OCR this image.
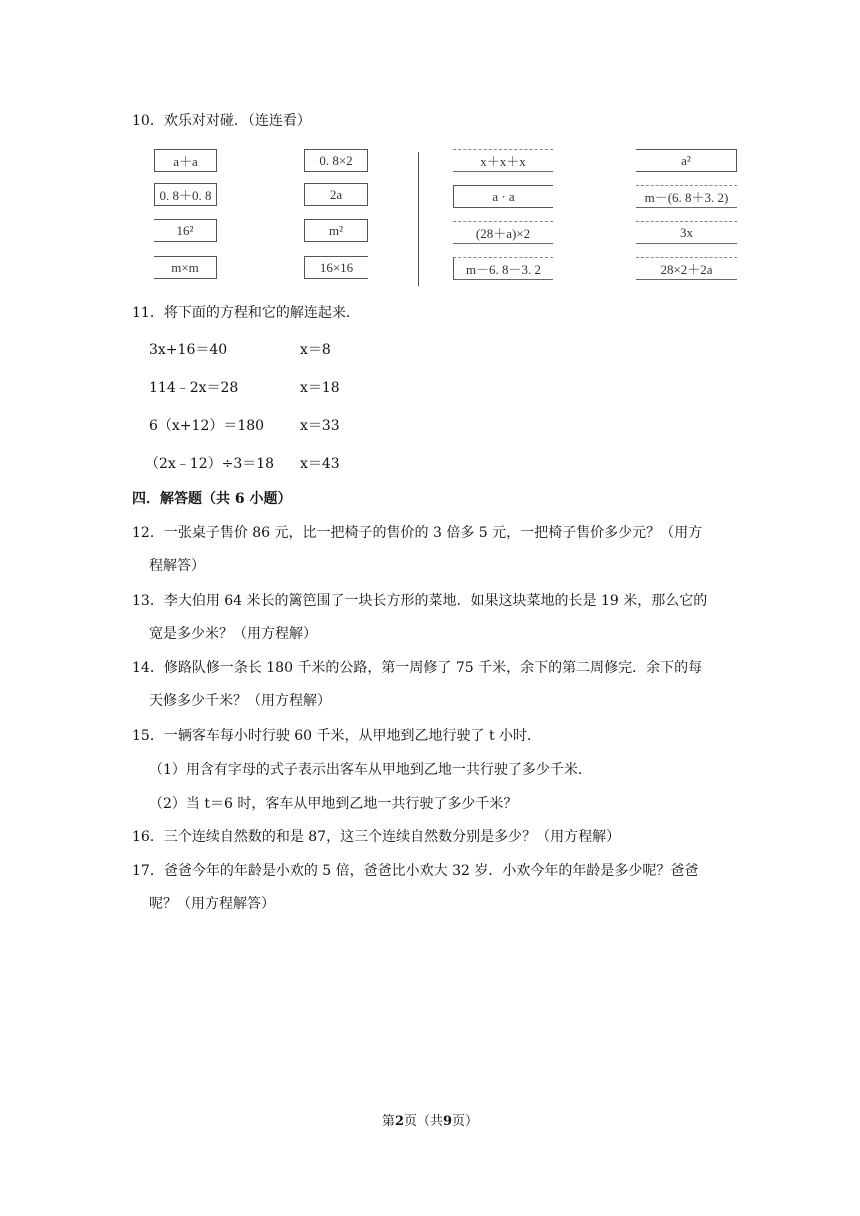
10．欢乐对对碰．（连连看）
a＋a
0. 8＋0. 8
16²
m×m
0. 8×2
2a
m²
16×16
x＋x＋x
a · a
(28＋a)×2
m－6. 8－3. 2
a²
m－(6. 8＋3. 2)
3x
28×2＋2a
11．将下面的方程和它的解连起来．
3x+16＝40	x＝8
114﹣2x＝28	x＝18
6（x+12）＝180	x＝33
（2x﹣12）÷3＝18 x＝43
四．解答题（共 6 小题）
12．一张桌子售价 86 元，比一把椅子的售价的 3 倍多 5 元，一把椅子售价多少元？（用方
程解答）
13．李大伯用 64 米长的篱笆围了一块长方形的菜地．如果这块菜地的长是 19 米，那么它的
宽是多少米？（用方程解）
14．修路队修一条长 180 千米的公路，第一周修了 75 千米，余下的第二周修完．余下的每
天修多少千米？（用方程解）
15．一辆客车每小时行驶 60 千米，从甲地到乙地行驶了 t 小时．
（1）用含有字母的式子表示出客车从甲地到乙地一共行驶了多少千米．
（2）当 t＝6 时，客车从甲地到乙地一共行驶了多少千米？
16．三个连续自然数的和是 87，这三个连续自然数分别是多少？（用方程解）
17．爸爸今年的年龄是小欢的 5 倍，爸爸比小欢大 32 岁．小欢今年的年龄是多少呢？爸爸
呢？（用方程解答）
第2页（共9页）
